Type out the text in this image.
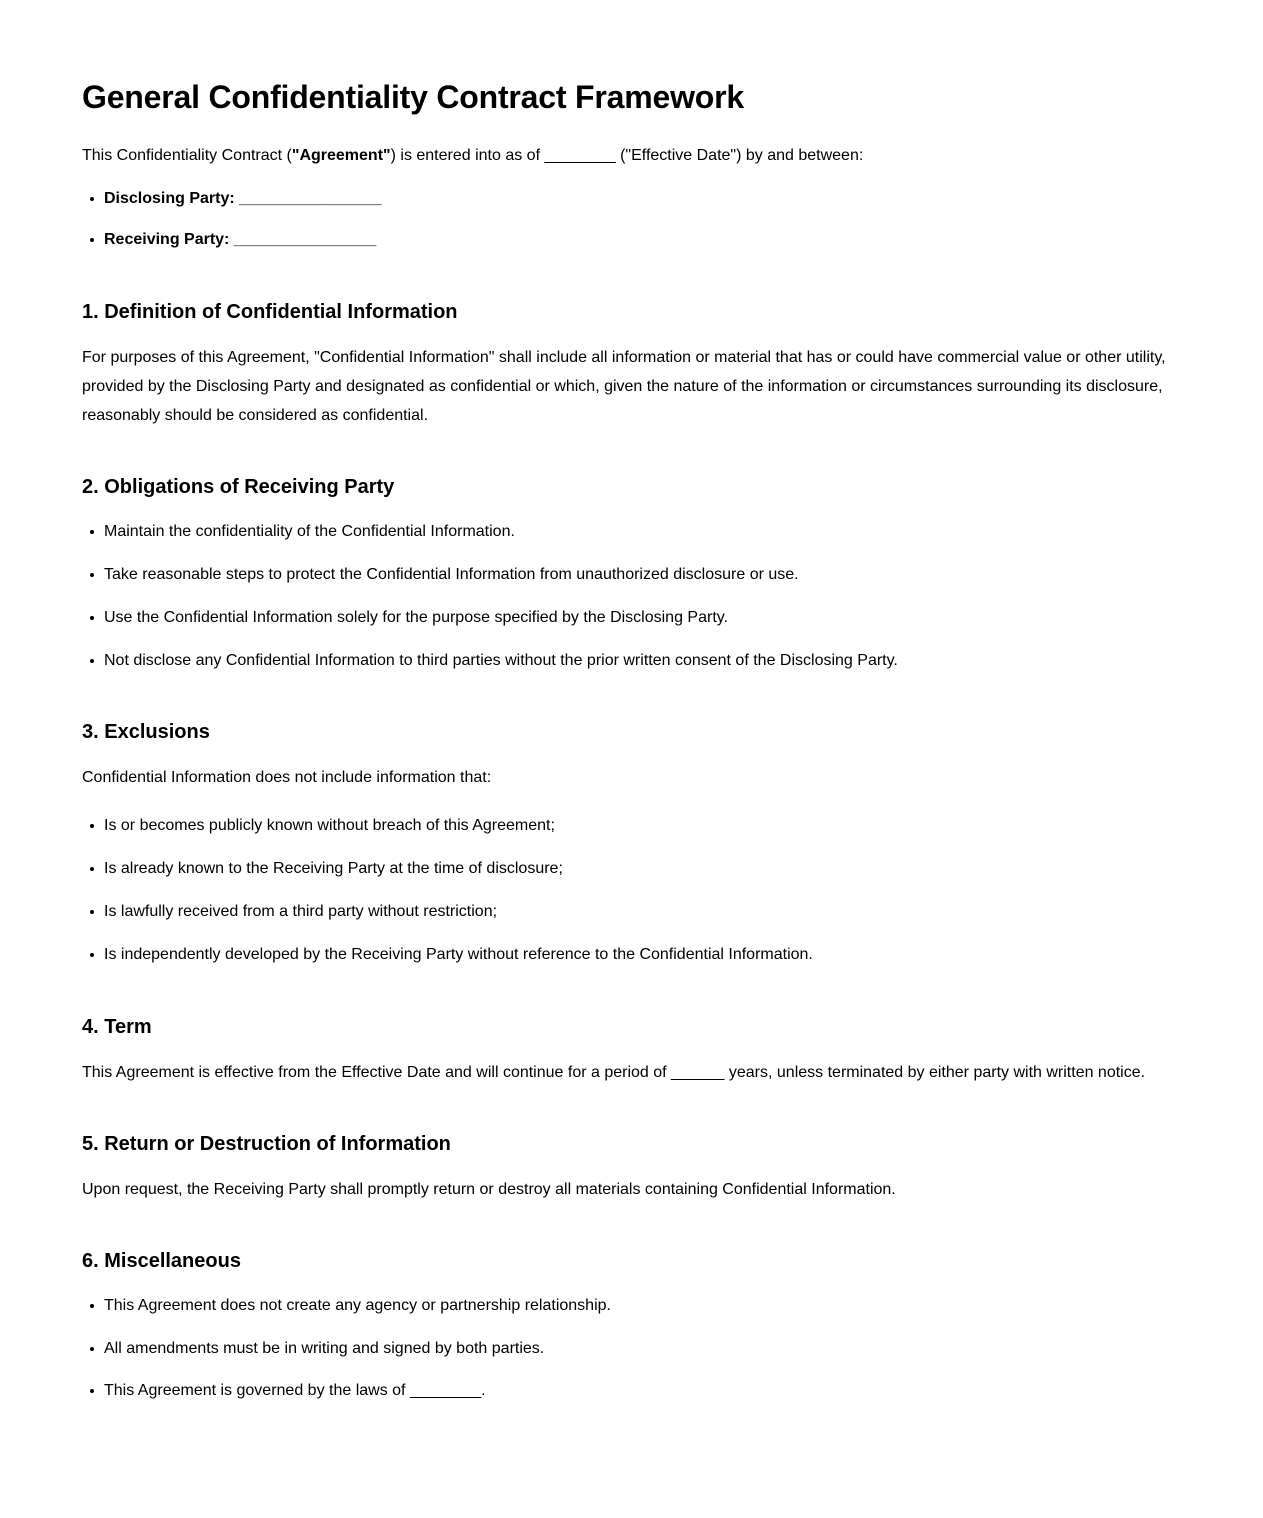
General Confidentiality Contract Framework

This Confidentiality Contract ("Agreement") is entered into as of ________ ("Effective Date") by and between:

Disclosing Party: ________________
Receiving Party: ________________
1. Definition of Confidential Information

For purposes of this Agreement, "Confidential Information" shall include all information or material that has or could have commercial value or other utility, provided by the Disclosing Party and designated as confidential or which, given the nature of the information or circumstances surrounding its disclosure, reasonably should be considered as confidential.

2. Obligations of Receiving Party
Maintain the confidentiality of the Confidential Information.
Take reasonable steps to protect the Confidential Information from unauthorized disclosure or use.
Use the Confidential Information solely for the purpose specified by the Disclosing Party.
Not disclose any Confidential Information to third parties without the prior written consent of the Disclosing Party.
3. Exclusions

Confidential Information does not include information that:

Is or becomes publicly known without breach of this Agreement;
Is already known to the Receiving Party at the time of disclosure;
Is lawfully received from a third party without restriction;
Is independently developed by the Receiving Party without reference to the Confidential Information.
4. Term

This Agreement is effective from the Effective Date and will continue for a period of ______ years, unless terminated by either party with written notice.

5. Return or Destruction of Information

Upon request, the Receiving Party shall promptly return or destroy all materials containing Confidential Information.

6. Miscellaneous
This Agreement does not create any agency or partnership relationship.
All amendments must be in writing and signed by both parties.
This Agreement is governed by the laws of ________.
